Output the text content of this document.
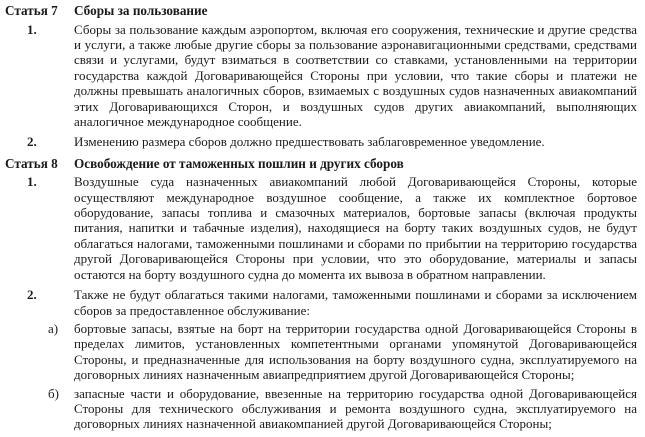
Статья 7	Сборы за пользование
1.	Сборы за пользование каждым аэропортом, включая его сооружения, технические и другие средства и услуги, а также любые другие сборы за пользование аэронавигационными средствами, средствами связи и услугами, будут взиматься в соответствии со ставками, установленными на территории государства каждой Договаривающейся Стороны при условии, что такие сборы и платежи не должны превышать аналогичных сборов, взимаемых с воздушных судов назначенных авиакомпаний этих Договаривающихся Сторон, и воздушных судов других авиакомпаний, выполняющих аналогичное международное сообщение.
2.	Изменению размера сборов должно предшествовать заблаговременное уведомление.
Статья 8	Освобождение от таможенных пошлин и других сборов
1.	Воздушные суда назначенных авиакомпаний любой Договаривающейся Стороны, которые осуществляют международное воздушное сообщение, а также их комплектное бортовое оборудование, запасы топлива и смазочных материалов, бортовые запасы (включая продукты питания, напитки и табачные изделия), находящиеся на борту таких воздушных судов, не будут облагаться налогами, таможенными пошлинами и сборами по прибытии на территорию государства другой Договаривающейся Стороны при условии, что это оборудование, материалы и запасы остаются на борту воздушного судна до момента их вывоза в обратном направлении.
2.	Также не будут облагаться такими налогами, таможенными пошлинами и сборами за исключением сборов за предоставленное обслуживание:
а)	бортовые запасы, взятые на борт на территории государства одной Договаривающейся Стороны в пределах лимитов, установленных компетентными органами упомянутой Договаривающейся Стороны, и предназначенные для использования на борту воздушного судна, эксплуатируемого на договорных линиях назначенным авиапредприятием другой Договаривающейся Стороны;
б)	запасные части и оборудование, ввезенные на территорию государства одной Договаривающейся Стороны для технического обслуживания и ремонта воздушного судна, эксплуатируемого на договорных линиях назначенной авиакомпанией другой Договаривающейся Стороны;
